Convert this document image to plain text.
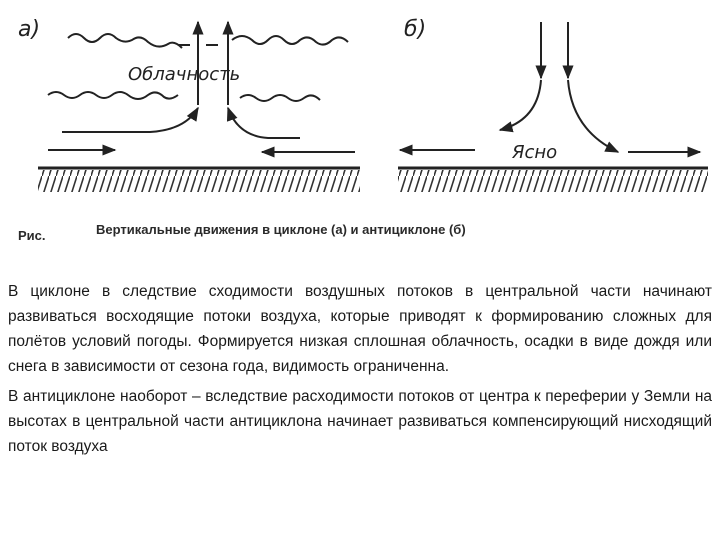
а)
Облачность
б)
Ясно
Рис.	Вертикальные движения в циклоне (а) и антициклоне (б)

В циклоне в следствие сходимости воздушных потоков в центральной части начинают развиваться восходящие потоки воздуха, которые приводят к формированию сложных для полётов условий погоды. Формируется низкая сплошная облачность, осадки в виде дождя или снега в зависимости от сезона года, видимость ограниченна.

В антициклоне наоборот – вследствие расходимости потоков от центра к переферии у Земли на высотах в центральной части антициклона начинает развиваться компенсирующий нисходящий поток воздуха
